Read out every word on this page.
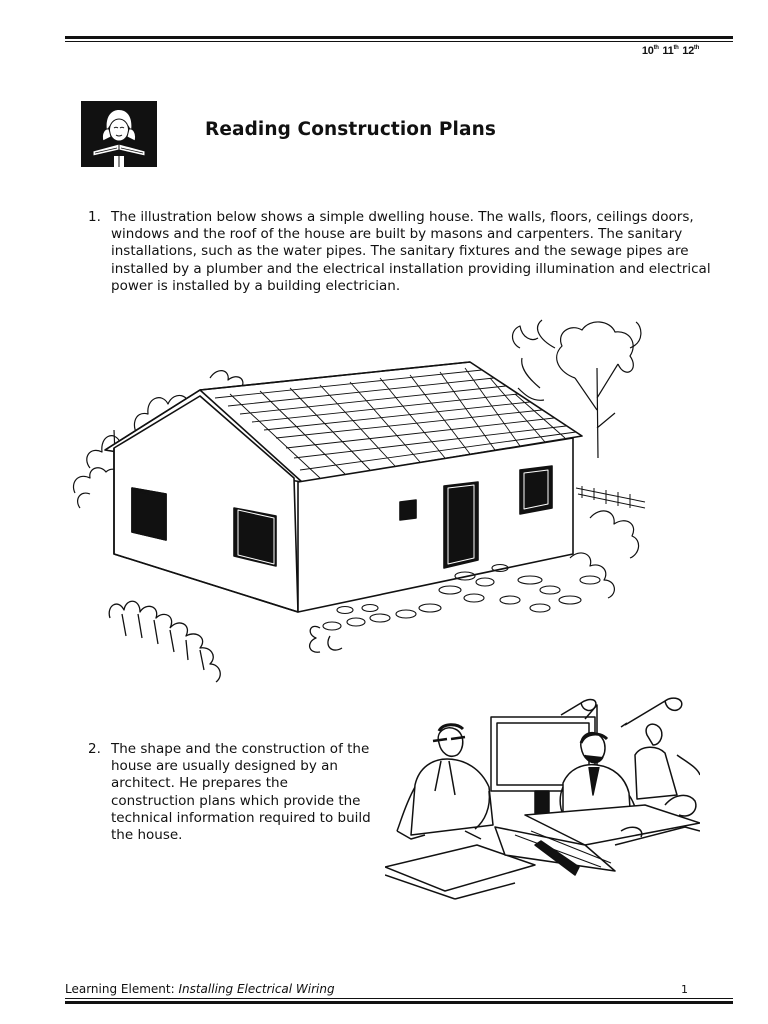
10th 11th 12th
Reading Construction Plans
1. The illustration below shows a simple dwelling house. The walls, floors, ceilings doors, windows and the roof of the house are built by masons and carpenters. The sanitary installations, such as the water pipes. The sanitary fixtures and the sewage pipes are installed by a plumber and the electrical installation providing illumination and electrical power is installed by a building electrician.
2. The shape and the construction of the house are usually designed by an architect. He prepares the construction plans which provide the technical information required to build the house.
Learning Element: Installing Electrical Wiring	1
